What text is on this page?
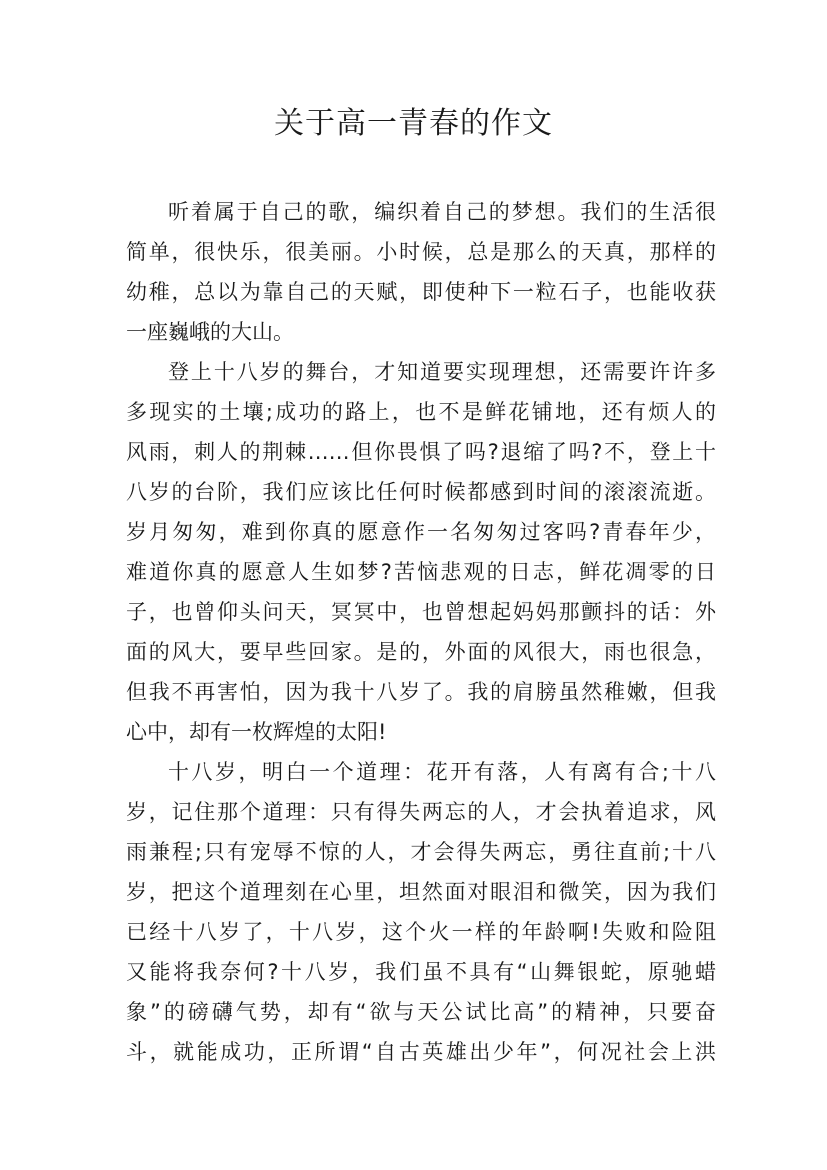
关于高一青春的作文
听着属于自己的歌，编织着自己的梦想。我们的生活很
简单，很快乐，很美丽。小时候，总是那么的天真，那样的
幼稚，总以为靠自己的天赋，即使种下一粒石子，也能收获
一座巍峨的大山。
登上十八岁的舞台，才知道要实现理想，还需要许许多
多现实的土壤;成功的路上，也不是鲜花铺地，还有烦人的
风雨，刺人的荆棘……但你畏惧了吗?退缩了吗?不，登上十
八岁的台阶，我们应该比任何时候都感到时间的滚滚流逝。
岁月匆匆，难到你真的愿意作一名匆匆过客吗?青春年少，
难道你真的愿意人生如梦?苦恼悲观的日志，鲜花凋零的日
子，也曾仰头问天，冥冥中，也曾想起妈妈那颤抖的话：外
面的风大，要早些回家。是的，外面的风很大，雨也很急，
但我不再害怕，因为我十八岁了。我的肩膀虽然稚嫩，但我
心中，却有一枚辉煌的太阳!
十八岁，明白一个道理：花开有落，人有离有合;十八
岁，记住那个道理：只有得失两忘的人，才会执着追求，风
雨兼程;只有宠辱不惊的人，才会得失两忘，勇往直前;十八
岁，把这个道理刻在心里，坦然面对眼泪和微笑，因为我们
已经十八岁了，十八岁，这个火一样的年龄啊!失败和险阻
又能将我奈何?十八岁，我们虽不具有“山舞银蛇，原驰蜡
象”的磅礴气势，却有“欲与天公试比高”的精神，只要奋
斗，就能成功，正所谓“自古英雄出少年”，何况社会上洪
